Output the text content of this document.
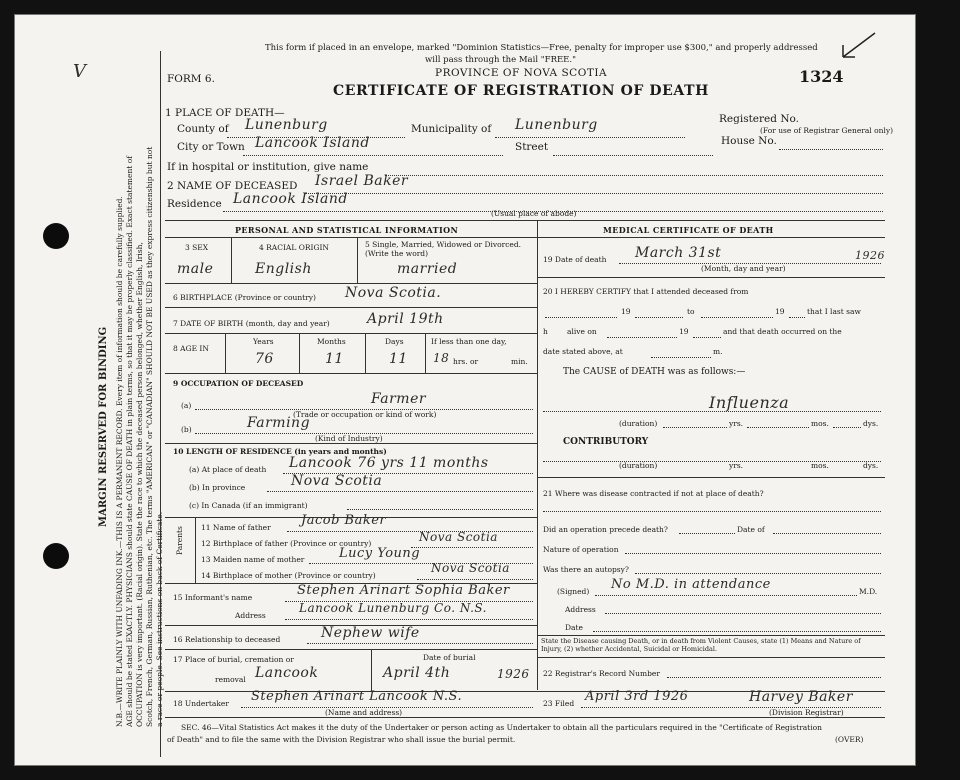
MARGIN RESERVED FOR BINDING N.B.—WRITE PLAINLY WITH UNFADING INK.—THIS IS A PERMANENT RECORD. Every item of information should be carefully supplied. AGE should be stated EXACTLY. PHYSICIANS should state CAUSE OF DEATH in plain terms, so that it may be properly classified. Exact statement of OCCUPATION is very important. (Racial origin). State the race to which the deceased person belonged, whether English, Irish, Scotch, French, German, Russian, Ruthenian, etc. The terms "AMERICAN" or "CANADIAN" SHOULD NOT BE USED as they express citizenship but not a race or people. See instructions on back of Certificate.
V
This form if placed in an envelope, marked "Dominion Statistics—Free, penalty for improper use $300," and properly addressed
will pass through the Mail "FREE."
PROVINCE OF NOVA SCOTIA
FORM 6.	1324
CERTIFICATE OF REGISTRATION OF DEATH
1 PLACE OF DEATH—
County of Lunenburg	Municipality of Lunenburg	Registered No.
(For use of Registrar General only)
City or Town Lancook Island	Street	House No.
If in hospital or institution, give name
2 NAME OF DECEASED Israel Baker
Residence Lancook Island
(Usual place of abode)
PERSONAL AND STATISTICAL INFORMATION
3 SEX	4 RACIAL ORIGIN	5 Single, Married, Widowed or Divorced. (Write the word)
male	English	married
6 BIRTHPLACE (Province or country) Nova Scotia.
7 DATE OF BIRTH (month, day and year)	April 19th
8 AGE IN
Years
76
Months
11
Days
11
If less than one day,
18 hrs. or	min.
9 OCCUPATION OF DECEASED
(a)	Farmer
(Trade or occupation or kind of work)
(b)	Farming
(Kind of Industry)
10 LENGTH OF RESIDENCE (in years and months)
(a) At place of death Lancook 76 yrs 11 months
(b) In province	Nova Scotia
(c) In Canada (if an immigrant)
Parents 11 Name of father Jacob Baker
12 Birthplace of father (Province or country)	Nova Scotia
13 Maiden name of mother	Lucy Young
14 Birthplace of mother (Province or country)
Nova Scotia
15 Informant's name	Stephen Arinart Sophia Baker
Address
Lancook Lunenburg Co. N.S.
16 Relationship to deceased	Nephew wife
17 Place of burial, cremation or
removal Lancook
Date of burial
April 4th	1926
18 Undertaker Stephen Arinart Lancook N.S.
(Name and address)
MEDICAL CERTIFICATE OF DEATH
19 Date of death March 31st	1926
(Month, day and year)
20 I HEREBY CERTIFY that I attended deceased from
19	to	19	that I last saw
h	alive on	19	and that death occurred on the
date stated above, at	m.
The CAUSE of DEATH was as follows:—
Influenza
(duration)	yrs.	mos.	dys.
CONTRIBUTORY
(duration)	yrs.	mos.	dys.
21 Where was disease contracted if not at place of death?
Did an operation precede death?	Date of
Nature of operation
Was there an autopsy?
(Signed) No M.D. in attendance	M.D.
Address
Date
State the Disease causing Death, or in death from Violent Causes, state (1) Means and Nature of Injury, (2) whether Accidental, Suicidal or Homicidal.
22 Registrar's Record Number
23 Filed April 3rd 1926	Harvey Baker
(Division Registrar)
SEC. 46—Vital Statistics Act makes it the duty of the Undertaker or person acting as Undertaker to obtain all the particulars required in the "Certificate of Registration
of Death" and to file the same with the Division Registrar who shall issue the burial permit.	(OVER)
